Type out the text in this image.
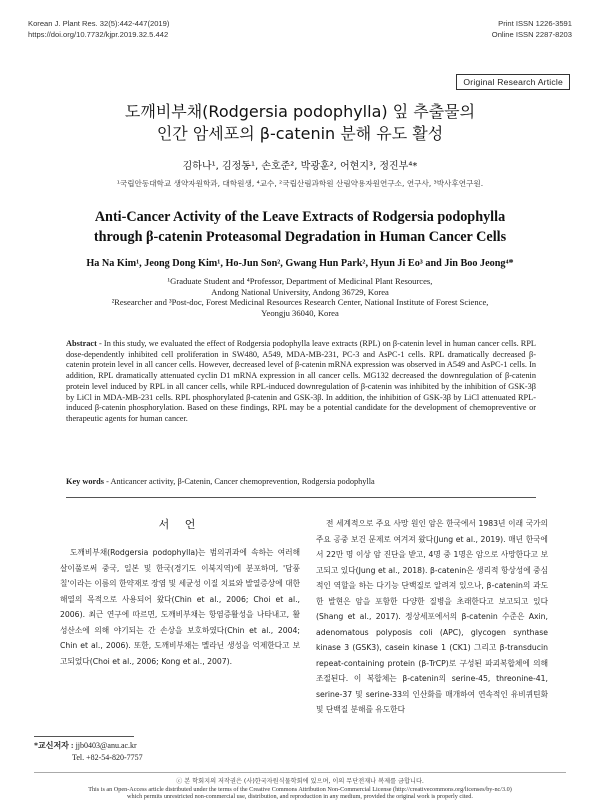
Korean J. Plant Res. 32(5):442-447(2019)
https://doi.org/10.7732/kjpr.2019.32.5.442
Print ISSN 1226-3591
Online ISSN 2287-8203
Original Research Article
도깨비부채(Rodgersia podophylla) 잎 추출물의
인간 암세포의 β-catenin 분해 유도 활성
김하나¹, 김정동¹, 손호준², 박광훈², 어현지³, 정진부⁴*
¹국립안동대학교 생약자원학과, 대학원생, ⁴교수, ²국립산림과학원 산림약용자원연구소, 연구사, ³박사후연구원.
Anti-Cancer Activity of the Leave Extracts of Rodgersia podophylla
through β-catenin Proteasomal Degradation in Human Cancer Cells
Ha Na Kim¹, Jeong Dong Kim¹, Ho-Jun Son², Gwang Hun Park², Hyun Ji Eo³ and Jin Boo Jeong⁴*
¹Graduate Student and ⁴Professor, Department of Medicinal Plant Resources,
Andong National University, Andong 36729, Korea
²Researcher and ³Post-doc, Forest Medicinal Resources Research Center, National Institute of Forest Science,
Yeongju 36040, Korea
Abstract - In this study, we evaluated the effect of Rodgersia podophylla leave extracts (RPL) on β-catenin level in human cancer cells. RPL dose-dependently inhibited cell proliferation in SW480, A549, MDA-MB-231, PC-3 and AsPC-1 cells. RPL dramatically decreased β-catenin protein level in all cancer cells. However, decreased level of β-catenin mRNA expression was observed in A549 and AsPC-1 cells. In addition, RPL dramatically attenuated cyclin D1 mRNA expression in all cancer cells. MG132 decreased the downregulation of β-catenin protein level induced by RPL in all cancer cells, while RPL-induced downregulation of β-catenin was inhibited by the inhibition of GSK-3β by LiCl in MDA-MB-231 cells. RPL phosphorylated β-catenin and GSK-3β. In addition, the inhibition of GSK-3β by LiCl attenuated RPL-induced β-catenin phosphorylation. Based on these findings, RPL may be a potential candidate for the development of chemopreventive or therapeutic agents for human cancer.
Key words - Anticancer activity, β-Catenin, Cancer chemoprevention, Rodgersia podophylla
서 언
도깨비부채(Rodgersia podophylla)는 범의귀과에 속하는 여러해살이풀로써 중국, 일본 및 한국(경기도 이북지역)에 분포하며, '담풍칠'이라는 이름의 한약재로 장염 및 세균성 이질 치료와 발열증상에 대한 해열의 목적으로 사용되어 왔다(Chin et al., 2006; Choi et al., 2006). 최근 연구에 따르면, 도깨비부채는 항염증활성을 나타내고, 활성산소에 의해 야기되는 간 손상을 보호하였다(Chin et al., 2004; Chin et al., 2006). 또한, 도깨비부채는 멜라닌 생성을 억제한다고 보고되었다(Choi et al., 2006; Kong et al., 2007).
전 세계적으로 주요 사망 원인 암은 한국에서 1983년 이래 국가의 주요 공중 보건 문제로 여겨져 왔다(Jung et al., 2019). 매년 한국에서 22만 명 이상 암 진단을 받고, 4명 중 1명은 암으로 사망한다고 보고되고 있다(Jung et al., 2018). β-catenin은 생리적 항상성에 중심적인 역할을 하는 다기능 단백질로 알려져 있으나, β-catenin의 과도한 발현은 암을 포함한 다양한 질병을 초래한다고 보고되고 있다(Shang et al., 2017). 정상세포에서의 β-catenin 수준은 Axin, adenomatous polyposis coli (APC), glycogen synthase kinase 3 (GSK3), casein kinase 1 (CK1) 그리고 β-transducin repeat-containing protein (β-TrCP)로 구성된 파괴복합체에 의해 조절된다. 이 복합체는 β-catenin의 serine-45, threonine-41, serine-37 및 serine-33의 인산화를 매개하여 연속적인 유비퀴틴화 및 단백질 분해를 유도한다
*교신저자 : jjb0403@anu.ac.kr
Tel. +82-54-820-7757
ⓒ 본 학회지의 저작권은 (사)한국자원식물학회에 있으며, 이의 무단전재나 복제를 금합니다.
This is an Open-Access article distributed under the terms of the Creative Commons Attribution Non-Commercial License (http://creativecommons.org/licenses/by-nc/3.0)
which permits unrestricted non-commercial use, distribution, and reproduction in any medium, provided the original work is properly cited.
